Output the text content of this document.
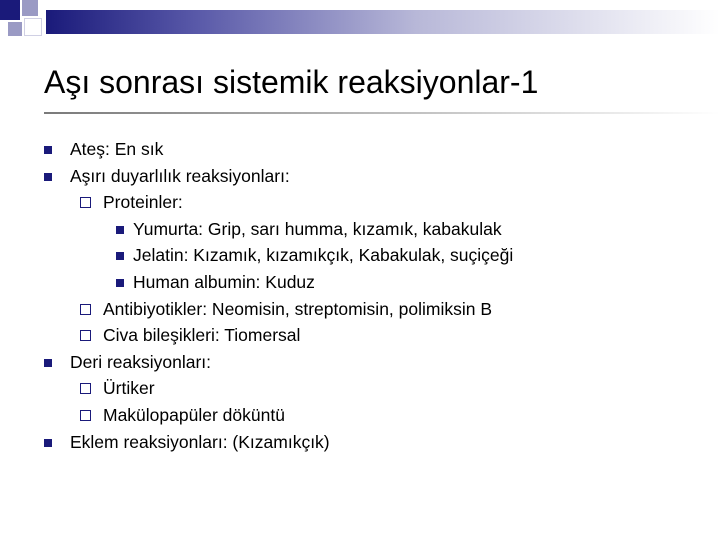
Aşı sonrası sistemik reaksiyonlar-1
Ateş: En sık
Aşırı duyarlılık reaksiyonları:
Proteinler:
Yumurta: Grip, sarı humma, kızamık, kabakulak
Jelatin: Kızamık, kızamıkçık, Kabakulak, suçiçeği
Human albumin: Kuduz
Antibiyotikler: Neomisin, streptomisin, polimiksin B
Civa bileşikleri: Tiomersal
Deri reaksiyonları:
Ürtiker
Makülopapüler döküntü
Eklem reaksiyonları: (Kızamıkçık)
